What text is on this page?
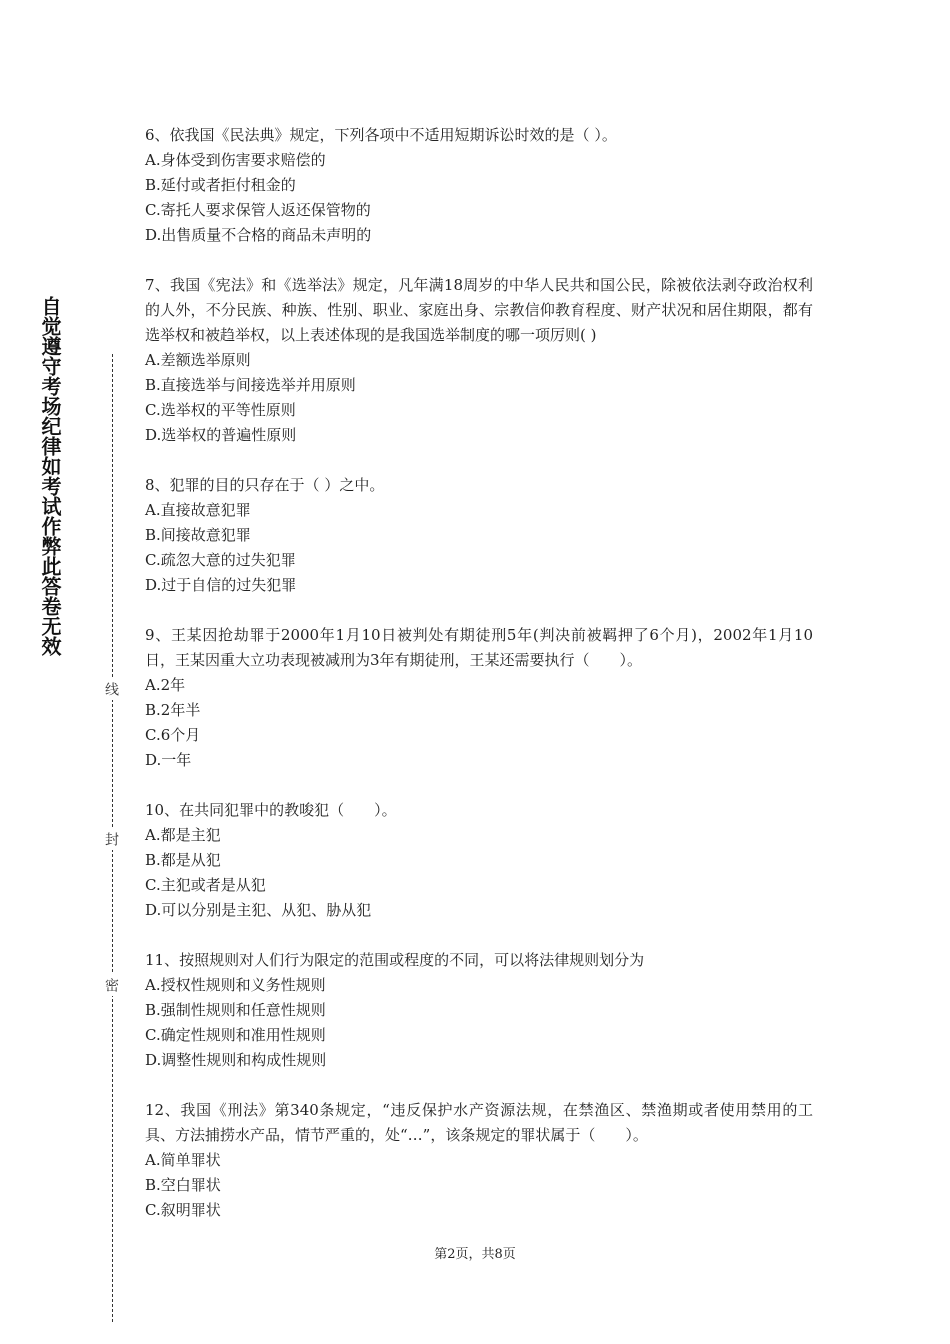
自觉遵守考场纪律如考试作弊此答卷无效
线
封
密
6、依我国《民法典》规定，下列各项中不适用短期诉讼时效的是（ ）。
A.身体受到伤害要求赔偿的
B.延付或者拒付租金的
C.寄托人要求保管人返还保管物的
D.出售质量不合格的商品未声明的
7、我国《宪法》和《选举法》规定，凡年满18周岁的中华人民共和国公民，除被依法剥夺政治权利的人外，不分民族、种族、性别、职业、家庭出身、宗教信仰教育程度、财产状况和居住期限，都有选举权和被趋举权，以上表述体现的是我国选举制度的哪一项厉则( )
A.差额选举原则
B.直接选举与间接选举并用原则
C.选举权的平等性原则
D.选举权的普遍性原则
8、犯罪的目的只存在于（ ）之中。
A.直接故意犯罪
B.间接故意犯罪
C.疏忽大意的过失犯罪
D.过于自信的过失犯罪
9、王某因抢劫罪于2000年1月10日被判处有期徒刑5年(判决前被羁押了6个月)，2002年1月10日，王某因重大立功表现被减刑为3年有期徒刑，王某还需要执行（　　）。
A.2年
B.2年半
C.6个月
D.一年
10、在共同犯罪中的教唆犯（　　）。
A.都是主犯
B.都是从犯
C.主犯或者是从犯
D.可以分别是主犯、从犯、胁从犯
11、按照规则对人们行为限定的范围或程度的不同，可以将法律规则划分为
A.授权性规则和义务性规则
B.强制性规则和任意性规则
C.确定性规则和准用性规则
D.调整性规则和构成性规则
12、我国《刑法》第340条规定，“违反保护水产资源法规，在禁渔区、禁渔期或者使用禁用的工具、方法捕捞水产品，情节严重的，处“…”，该条规定的罪状属于（　　）。
A.简单罪状
B.空白罪状
C.叙明罪状
第2页，共8页
